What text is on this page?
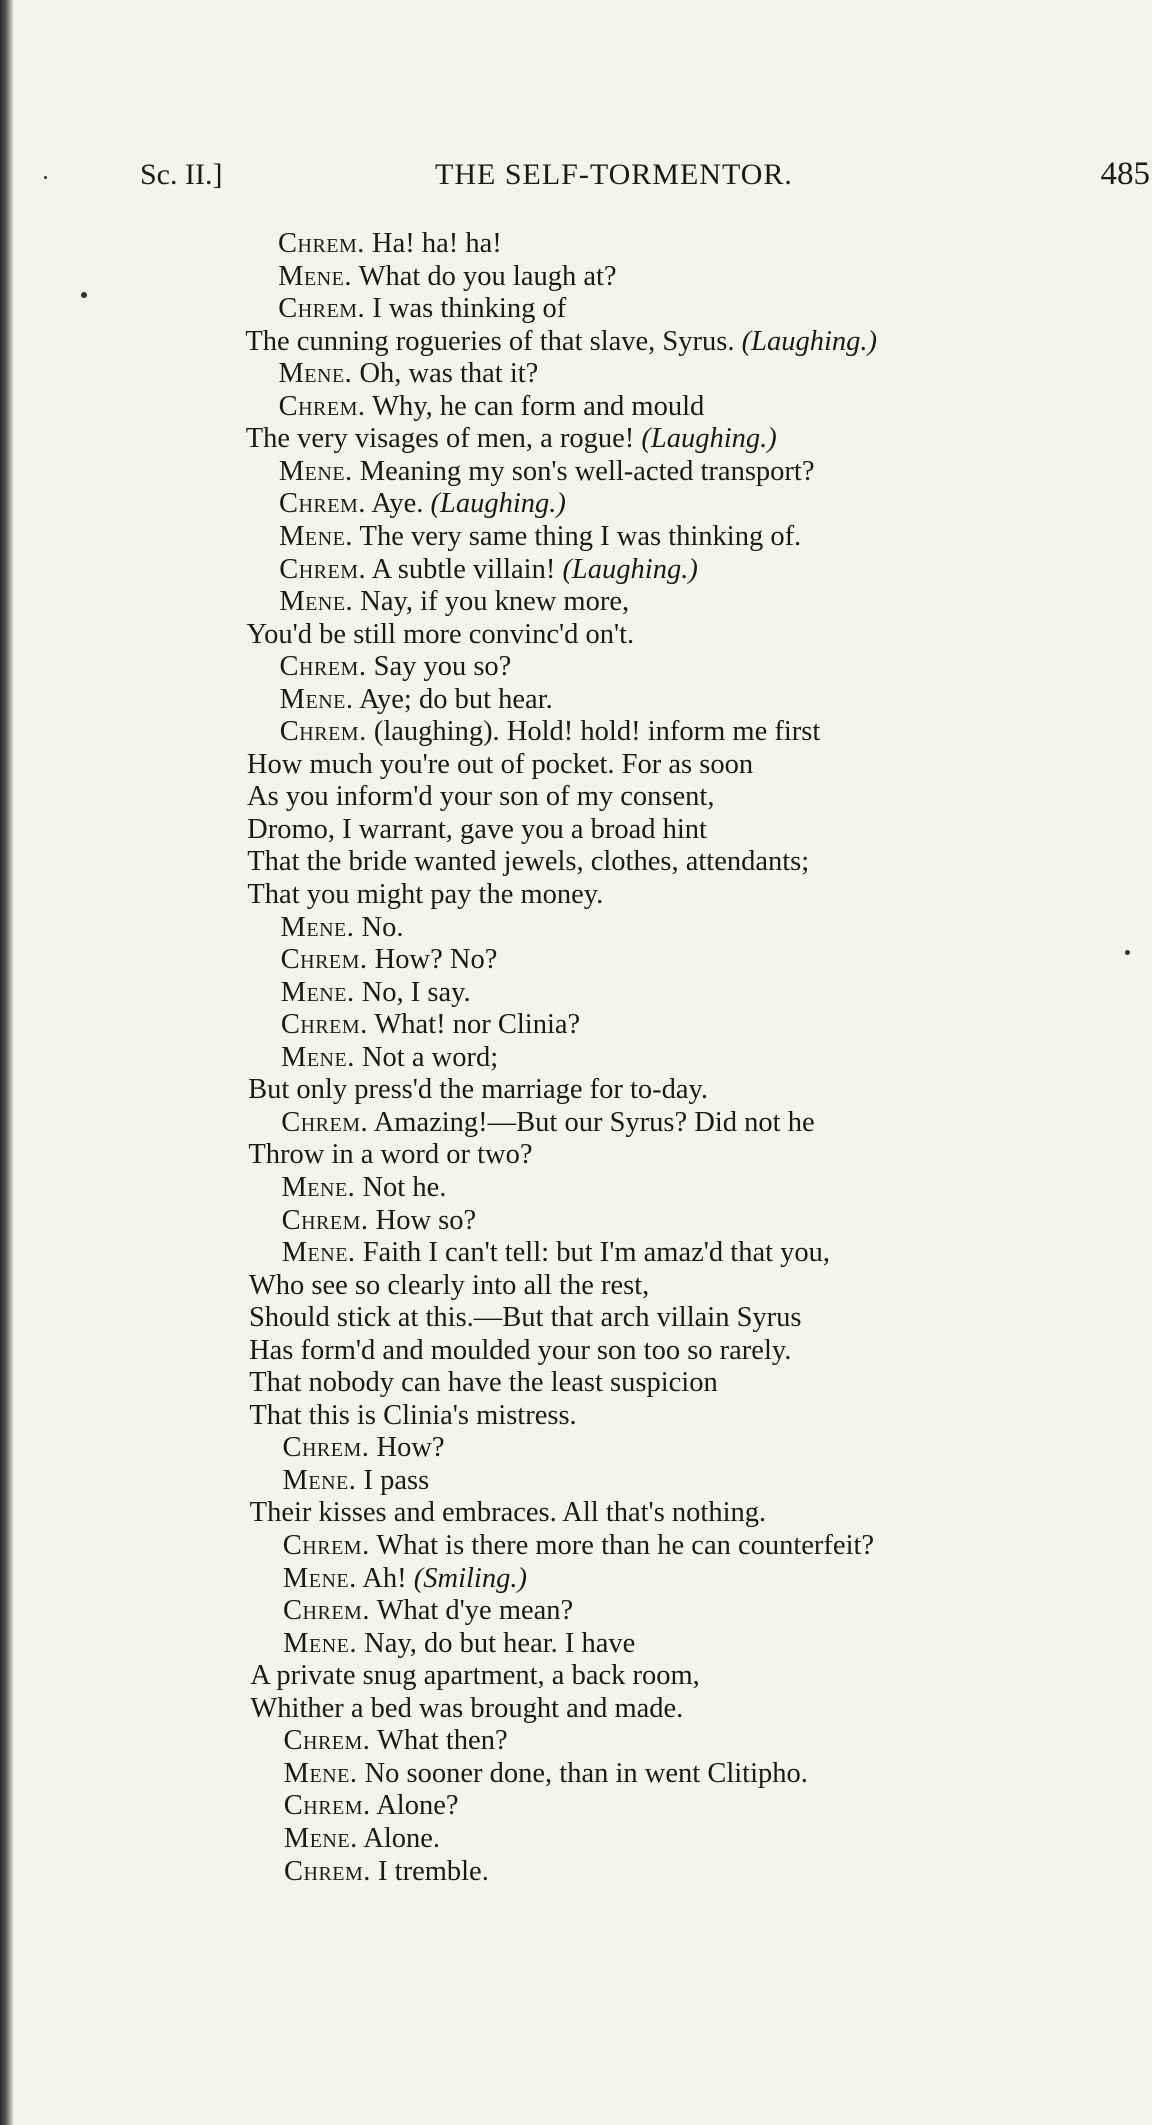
Sc. II.]	THE SELF-TORMENTOR.	485
Chrem. Ha! ha! ha!
Mene. What do you laugh at?
Chrem. I was thinking of
The cunning rogueries of that slave, Syrus. (Laughing.)
Mene. Oh, was that it?
Chrem. Why, he can form and mould
The very visages of men, a rogue! (Laughing.)
Mene. Meaning my son's well-acted transport?
Chrem. Aye. (Laughing.)
Mene. The very same thing I was thinking of.
Chrem. A subtle villain! (Laughing.)
Mene. Nay, if you knew more,
You'd be still more convinc'd on't.
Chrem. Say you so?
Mene. Aye; do but hear.
Chrem. (laughing). Hold! hold! inform me first
How much you're out of pocket. For as soon
As you inform'd your son of my consent,
Dromo, I warrant, gave you a broad hint
That the bride wanted jewels, clothes, attendants;
That you might pay the money.
Mene. No.
Chrem. How? No?
Mene. No, I say.
Chrem. What! nor Clinia?
Mene. Not a word;
But only press'd the marriage for to-day.
Chrem. Amazing!—But our Syrus? Did not he
Throw in a word or two?
Mene. Not he.
Chrem. How so?
Mene. Faith I can't tell: but I'm amaz'd that you,
Who see so clearly into all the rest,
Should stick at this.—But that arch villain Syrus
Has form'd and moulded your son too so rarely.
That nobody can have the least suspicion
That this is Clinia's mistress.
Chrem. How?
Mene. I pass
Their kisses and embraces. All that's nothing.
Chrem. What is there more than he can counterfeit?
Mene. Ah! (Smiling.)
Chrem. What d'ye mean?
Mene. Nay, do but hear. I have
A private snug apartment, a back room,
Whither a bed was brought and made.
Chrem. What then?
Mene. No sooner done, than in went Clitipho.
Chrem. Alone?
Mene. Alone.
Chrem. I tremble.
